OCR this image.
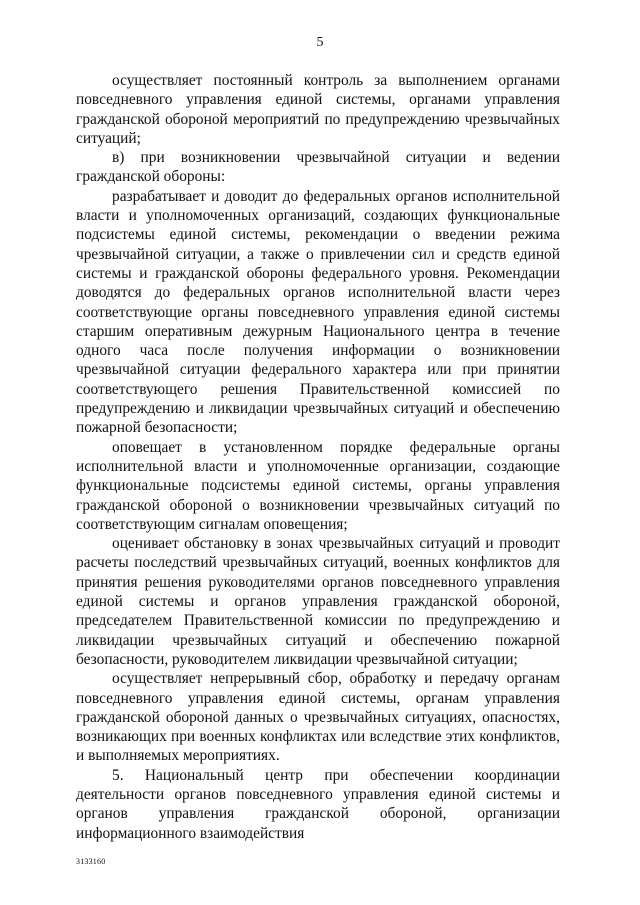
5

осуществляет постоянный контроль за выполнением органами повседневного управления единой системы, органами управления гражданской обороной мероприятий по предупреждению чрезвычайных ситуаций;

в) при возникновении чрезвычайной ситуации и ведении гражданской обороны:

разрабатывает и доводит до федеральных органов исполнительной власти и уполномоченных организаций, создающих функциональные подсистемы единой системы, рекомендации о введении режима чрезвычайной ситуации, а также о привлечении сил и средств единой системы и гражданской обороны федерального уровня. Рекомендации доводятся до федеральных органов исполнительной власти через соответствующие органы повседневного управления единой системы старшим оперативным дежурным Национального центра в течение одного часа после получения информации о возникновении чрезвычайной ситуации федерального характера или при принятии соответствующего решения Правительственной комиссией по предупреждению и ликвидации чрезвычайных ситуаций и обеспечению пожарной безопасности;

оповещает в установленном порядке федеральные органы исполнительной власти и уполномоченные организации, создающие функциональные подсистемы единой системы, органы управления гражданской обороной о возникновении чрезвычайных ситуаций по соответствующим сигналам оповещения;

оценивает обстановку в зонах чрезвычайных ситуаций и проводит расчеты последствий чрезвычайных ситуаций, военных конфликтов для принятия решения руководителями органов повседневного управления единой системы и органов управления гражданской обороной, председателем Правительственной комиссии по предупреждению и ликвидации чрезвычайных ситуаций и обеспечению пожарной безопасности, руководителем ликвидации чрезвычайной ситуации;

осуществляет непрерывный сбор, обработку и передачу органам повседневного управления единой системы, органам управления гражданской обороной данных о чрезвычайных ситуациях, опасностях, возникающих при военных конфликтах или вследствие этих конфликтов, и выполняемых мероприятиях.

5. Национальный центр при обеспечении координации деятельности органов повседневного управления единой системы и органов управления гражданской обороной, организации информационного взаимодействия

3133160
